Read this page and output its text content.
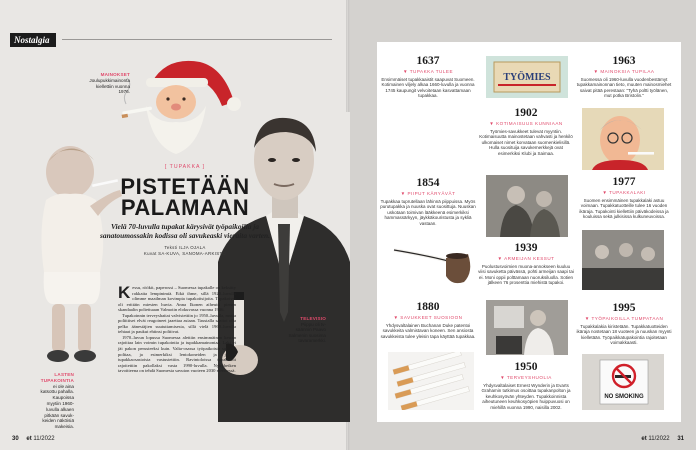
Nostalgia
MAINOKSET
Joulupukkimainonta kiellettiin vuonna 1976.
LASTEN TUPAKOINTIA
ei ole aina katsottu pahalla. Kaupoissa myytiin 1960-luvulla alkaen pitkään savukkeiden näköisiä makeisia.
[ TUPAKKA ]
PISTETÄÄN
PALAMAAN
Vielä 70-luvulla tupakat kärysivät työpaikoilla ja sanatoumossakin kodissa oli savukeaski vieraita varten.
Teksti ILJA OJALA
Kuvat SA-KUVA, SANOMA-ARKISTO

Kessu, röökit, paperossi – Suomessa tupakalle on keksitty rakkaita lempinimiä. Eikä ihme, sillä 1920–luvulla olimme maailman kovimpia tupakoitsijoita. Tupakoivat oli erittäin miesten huvia. Anna Ikonen aiheutti pienen skandaalin poltettuaan Valmotin elokuvassa vuonna 1936.

Tupakoinnin terveyshaitat valvistettiin jo 1950–luvulla, mutta poliittiset elvät reagoineet jaaettaa asiaan. Taustalla saattoi olla pelko äänestäjien suututtamisesta, sillä vielä 1960–luvulla tehtaat ja paukut ehtinsi polttivat.

1970–luvun lopussa Suomessa alettiin ensimmäinen kerran rajoittaa lain voimin tupakointia ja tupakkamainontaa. Laki ei jäi pakon perusteeksi kuin. Valta-osassa työpaikoista sai yhä polttaa, ja esimerkiksi lentokoneiden ja junien tupakkaosastoista vastustettiin. Ravintoloissa tupakointi rajoitettiin pakollaksi vasta 1990-luvulla. Nykyhetken tavoitteena on tehdä Suomesta savuton vuoteen 2030 mennessä.

TELEVISIO
Piippu oli tv-säännin Paavo Salmenin suosima tavaramerkki.
30 et 11/2022
1637
▼ TUPAKKA TULEE
Ensimmäiset tupakkaaistit saapuvat Suomeen. Kotimainen viljely alkaa 1660-luvulla ja vuonna 1745 kaupungit velvoitetaan kasvattamaan tupakkaa.
1854
▼ PIIPUT KÄRYÄVÄT
Tupakkaa tuprutellaan lähinnä piippuissa. Myös purutupakka ja nuuska ovat suosittuja. Nuuskan uskotaan toimivan lääkkeenä esimerkiksi hammassärkyyn, jäykkäkouristusta ja sykliä vastaan.
1880
▼ SAVUKKEET SUOSIOON
Yhdysvaltalainen Buchanan Duke patentoi savukkeita valmistavan koneen. Sen ansiosta savukkeista tulee yleisin tapa käyttää tupakkaa.
TYÖMIES
1902
▼ KOTIMAISUUS KUNNIAAN
Työmies-savukkeet tulevat myyntiin. Kotimaisuutta mainostetaan vahvasti ja henkilö ulkomaiset nimet korvataan suomenkielisillä. Hulla suosituija savukemerkkejä ovat esimerkiksi Klubi ja Saimaa.
1939
▼ ARMEIJAN KESSUT
Puolustusvoimien muona-annokseen kuuluu viisi savuketta päivässä, pohti armeijan saapi tai ei. Moni oppii polttamaan nuoruksiluolla. Sotien jälkeen 76 prosenttia miehistä tupakoi.
1950
▼ TERVEYSHUOLIA
Yhdysvaltalaiset Ernest Wynderin ja Evarts Grahamin tutkimus osoittaa tupakanpolton ja keuhkosyövän yhteyden. Tupakkoinnista aiheutuneen keuhkosyöpien huippuvuosi on miehillä vuonna 1990, naisilla 2002.
1963
▼ MAINOKSIA TUPILAA
Suomessa oli 1960-luvulla vuodenbestämyt tupakkamainonnan tieto, muuten mainosmiehet saivat pitää perestaan: "Tyhä poltti työlänen, mut potka Bristolin."
1977
▼ TUPAKKALAKI
Suomen ensimmäinen tupakkalaki astuu voimaan. Tupakkatuotteille tulee 16 vuoden ikäraja. Tupakointi kiellettiin päiväkodeissa ja kouluissa sekä julkisissa kulkuneuvoissa.
1995
▼ TYÖPAIKOILLA TUMPATAAN
Tupakkalakia kiristetään. Tupakkatuotteiden ikäraja nostetaan 18 vuoteen ja nuuskan myynti kielletään. Työpaikkatupakointia rajoitetaan voimakkaasti.
NO SMOKING
et 11/2022 31
